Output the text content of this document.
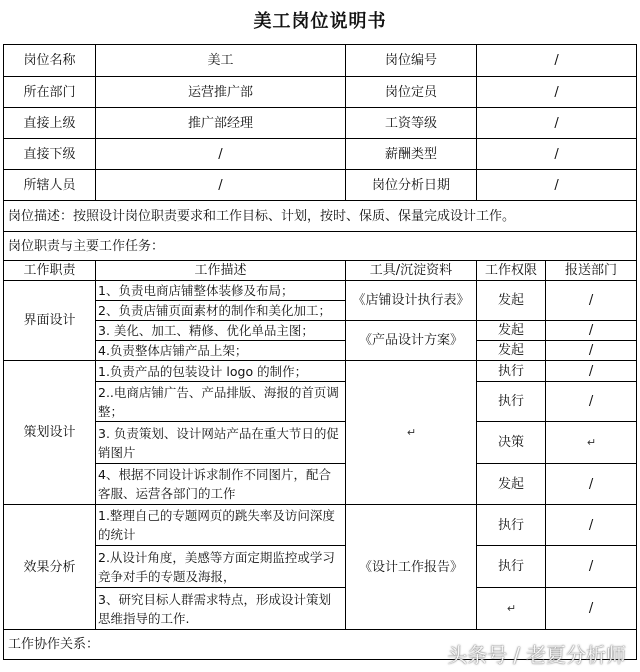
美工岗位说明书
岗位名称	美工	岗位编号	/	
所在部门	运营推广部	岗位定员	/	
直接上级	推广部经理	工资等级	/	
直接下级	/	薪酬类型	/	
所辖人员	/	岗位分析日期	/	
岗位描述：按照设计岗位职责要求和工作目标、计划，按时、保质、保量完成设计工作。				
岗位职责与主要工作任务：				
工作职责	工作描述	工具/沉淀资料	工作权限	报送部门
界面设计	1、负责电商店铺整体装修及布局；	《店铺设计执行表》	发起	/
	2、负责店铺页面素材的制作和美化加工；			
	3. 美化、加工、精修、优化单品主图；	《产品设计方案》	发起	/
	4.负责整体店铺产品上架；		发起	/
策划设计	1.负责产品的包装设计 logo 的制作；	↵	执行	/
	2..电商店铺广告、产品排版、海报的首页调整；		执行	/
	3. 负责策划、设计网站产品在重大节日的促销图片		决策	↵
	4、根据不同设计诉求制作不同图片，配合客服、运营各部门的工作		发起	/
效果分析	1.整理自己的专题网页的跳失率及访问深度的统计	《设计工作报告》	执行	/
	2.从设计角度，美感等方面定期监控或学习竞争对手的专题及海报，		执行	/
	3、研究目标人群需求特点，形成设计策划思维指导的工作.		↵	/
工作协作关系：					头条号 / 老夏分析师
